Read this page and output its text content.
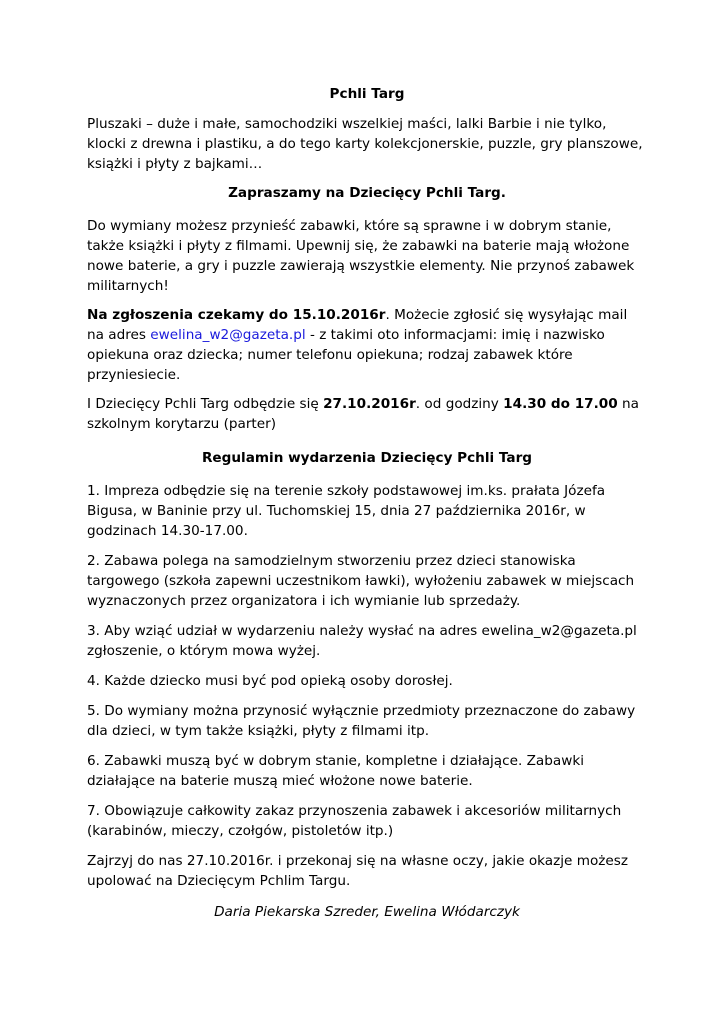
Pchli Targ

Pluszaki – duże i małe, samochodziki wszelkiej maści, lalki Barbie i nie tylko, klocki z drewna i plastiku, a do tego karty kolekcjonerskie, puzzle, gry planszowe, książki i płyty z bajkami…

Zapraszamy na Dziecięcy Pchli Targ.

Do wymiany możesz przynieść zabawki, które są sprawne i w dobrym stanie, także książki i płyty z filmami. Upewnij się, że zabawki na baterie mają włożone nowe baterie, a gry i puzzle zawierają wszystkie elementy. Nie przynoś zabawek militarnych!

Na zgłoszenia czekamy do 15.10.2016r. Możecie zgłosić się wysyłając mail na adres ewelina_w2@gazeta.pl - z takimi oto informacjami: imię i nazwisko opiekuna oraz dziecka; numer telefonu opiekuna; rodzaj zabawek które przyniesiecie.

I Dziecięcy Pchli Targ odbędzie się 27.10.2016r. od godziny 14.30 do 17.00 na szkolnym korytarzu (parter)

Regulamin wydarzenia Dziecięcy Pchli Targ

1. Impreza odbędzie się na terenie szkoły podstawowej im.ks. prałata Józefa Bigusa, w Baninie przy ul. Tuchomskiej 15, dnia 27 października 2016r, w godzinach 14.30-17.00.

2. Zabawa polega na samodzielnym stworzeniu przez dzieci stanowiska targowego (szkoła zapewni uczestnikom ławki), wyłożeniu zabawek w miejscach wyznaczonych przez organizatora i ich wymianie lub sprzedaży.

3. Aby wziąć udział w wydarzeniu należy wysłać na adres ewelina_w2@gazeta.pl zgłoszenie, o którym mowa wyżej.

4. Każde dziecko musi być pod opieką osoby dorosłej.

5. Do wymiany można przynosić wyłącznie przedmioty przeznaczone do zabawy dla dzieci, w tym także książki, płyty z filmami itp.

6. Zabawki muszą być w dobrym stanie, kompletne i działające. Zabawki działające na baterie muszą mieć włożone nowe baterie.

7. Obowiązuje całkowity zakaz przynoszenia zabawek i akcesoriów militarnych (karabinów, mieczy, czołgów, pistoletów itp.)

Zajrzyj do nas 27.10.2016r. i przekonaj się na własne oczy, jakie okazje możesz upolować na Dziecięcym Pchlim Targu.

Daria Piekarska Szreder, Ewelina Włódarczyk
